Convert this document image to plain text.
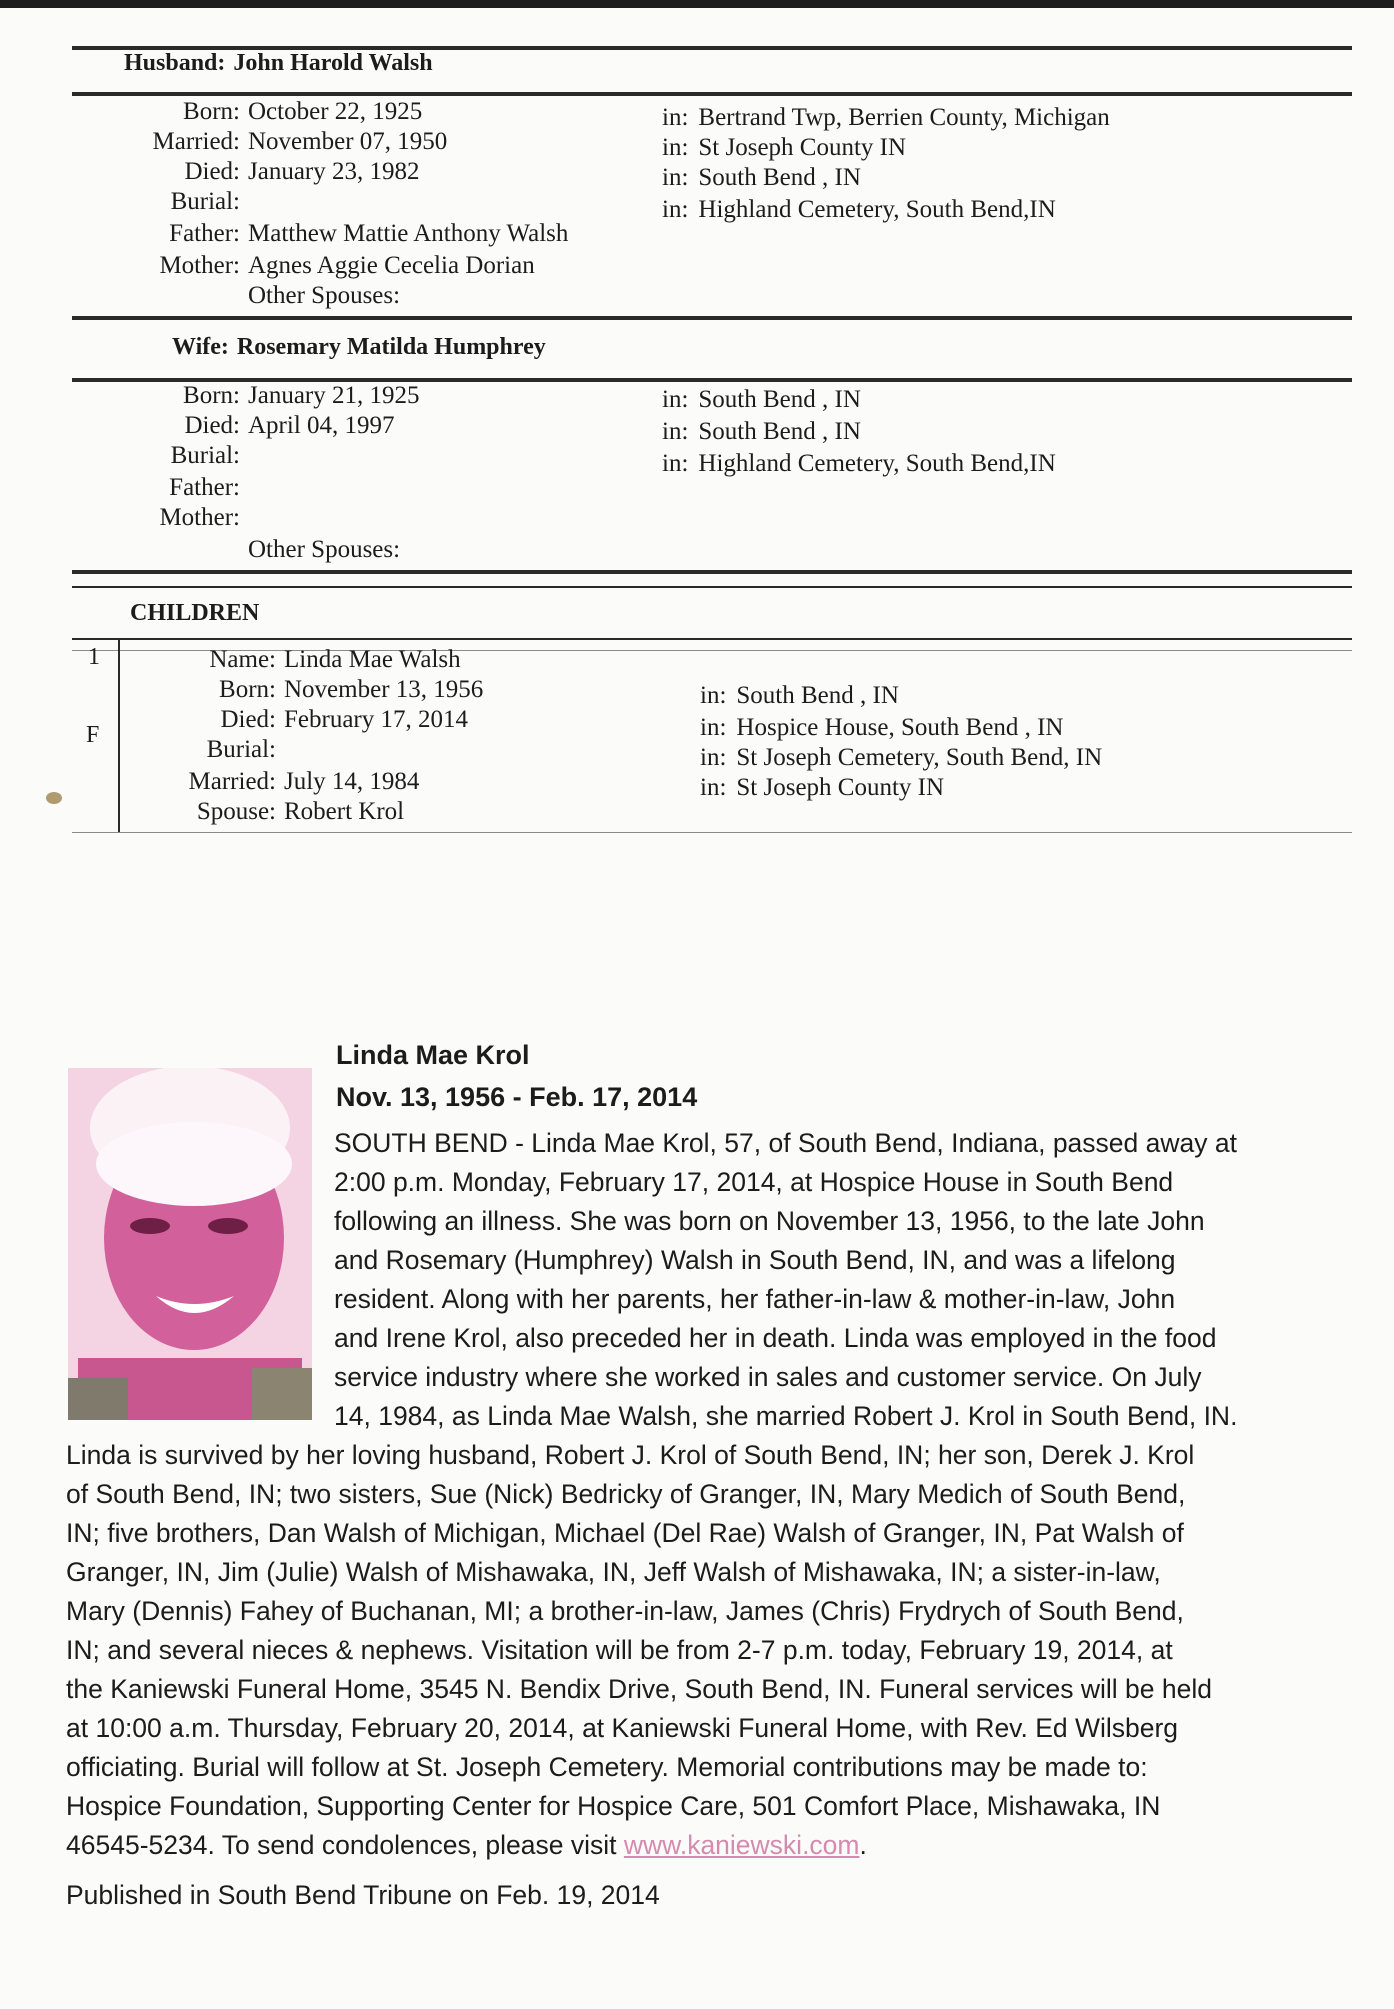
Husband: John Harold Walsh
Born: October 22, 1925
Married: November 07, 1950
Died: January 23, 1982
Burial:
Father: Matthew Mattie Anthony Walsh
Mother: Agnes Aggie Cecelia Dorian
Other Spouses:
in: Bertrand Twp, Berrien County, Michigan
in: St Joseph County IN
in: South Bend , IN
in: Highland Cemetery, South Bend,IN
Wife: Rosemary Matilda Humphrey
Born: January 21, 1925
Died: April 04, 1997
Burial:
Father:
Mother:
Other Spouses:
in: South Bend , IN
in: South Bend , IN
in: Highland Cemetery, South Bend,IN
CHILDREN
1
F
Name: Linda Mae Walsh
Born: November 13, 1956
Died: February 17, 2014
Burial:
Married: July 14, 1984
Spouse: Robert Krol
in: South Bend , IN
in: Hospice House, South Bend , IN
in: St Joseph Cemetery, South Bend, IN
in: St Joseph County IN
Linda Mae Krol
Nov. 13, 1956 - Feb. 17, 2014
SOUTH BEND - Linda Mae Krol, 57, of South Bend, Indiana, passed away at
2:00 p.m. Monday, February 17, 2014, at Hospice House in South Bend
following an illness. She was born on November 13, 1956, to the late John
and Rosemary (Humphrey) Walsh in South Bend, IN, and was a lifelong
resident. Along with her parents, her father-in-law & mother-in-law, John
and Irene Krol, also preceded her in death. Linda was employed in the food
service industry where she worked in sales and customer service. On July
14, 1984, as Linda Mae Walsh, she married Robert J. Krol in South Bend, IN.
Linda is survived by her loving husband, Robert J. Krol of South Bend, IN; her son, Derek J. Krol
of South Bend, IN; two sisters, Sue (Nick) Bedricky of Granger, IN, Mary Medich of South Bend,
IN; five brothers, Dan Walsh of Michigan, Michael (Del Rae) Walsh of Granger, IN, Pat Walsh of
Granger, IN, Jim (Julie) Walsh of Mishawaka, IN, Jeff Walsh of Mishawaka, IN; a sister-in-law,
Mary (Dennis) Fahey of Buchanan, MI; a brother-in-law, James (Chris) Frydrych of South Bend,
IN; and several nieces & nephews. Visitation will be from 2-7 p.m. today, February 19, 2014, at
the Kaniewski Funeral Home, 3545 N. Bendix Drive, South Bend, IN. Funeral services will be held
at 10:00 a.m. Thursday, February 20, 2014, at Kaniewski Funeral Home, with Rev. Ed Wilsberg
officiating. Burial will follow at St. Joseph Cemetery. Memorial contributions may be made to:
Hospice Foundation, Supporting Center for Hospice Care, 501 Comfort Place, Mishawaka, IN
46545-5234. To send condolences, please visit www.kaniewski.com.
Published in South Bend Tribune on Feb. 19, 2014
